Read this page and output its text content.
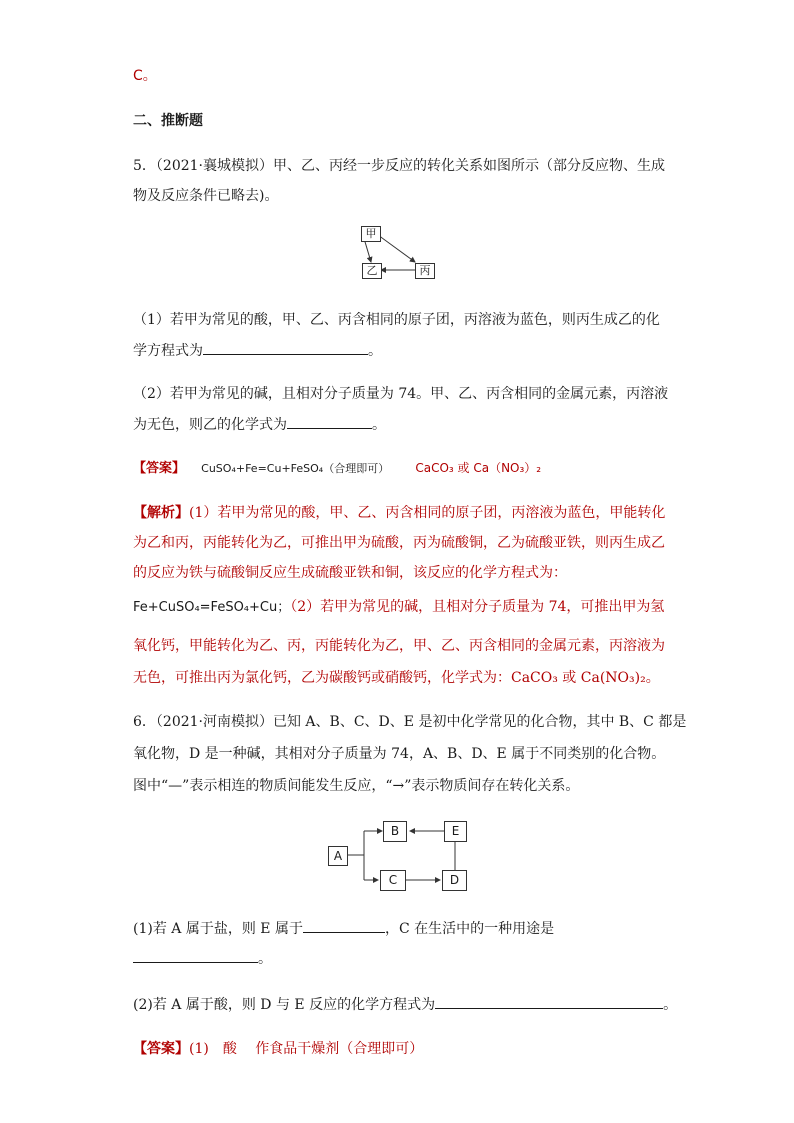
C。
二、推断题
5．（2021·襄城模拟）甲、乙、丙经一步反应的转化关系如图所示（部分反应物、生成
物及反应条件已略去)。
甲
乙	丙
（1）若甲为常见的酸，甲、乙、丙含相同的原子团，丙溶液为蓝色，则丙生成乙的化
学方程式为	。
（2）若甲为常见的碱，且相对分子质量为 74。甲、乙、丙含相同的金属元素，丙溶液
为无色，则乙的化学式为	。
【答案】 CuSO₄+Fe=Cu+FeSO₄（合理即可） CaCO₃ 或 Ca（NO₃）₂
【解析】(1）若甲为常见的酸，甲、乙、丙含相同的原子团，丙溶液为蓝色，甲能转化
为乙和丙，丙能转化为乙，可推出甲为硫酸，丙为硫酸铜，乙为硫酸亚铁，则丙生成乙
的反应为铁与硫酸铜反应生成硫酸亚铁和铜，该反应的化学方程式为：
Fe+CuSO₄=FeSO₄+Cu；（2）若甲为常见的碱，且相对分子质量为 74，可推出甲为氢
氧化钙，甲能转化为乙、丙，丙能转化为乙，甲、乙、丙含相同的金属元素，丙溶液为
无色，可推出丙为氯化钙，乙为碳酸钙或硝酸钙，化学式为：CaCO₃ 或 Ca(NO₃)₂。
6．（2021·河南模拟）已知 A、B、C、D、E 是初中化学常见的化合物，其中 B、C 都是
氧化物，D 是一种碱，其相对分子质量为 74，A、B、D、E 属于不同类别的化合物。
图中“—”表示相连的物质间能发生反应，“→”表示物质间存在转化关系。
A
B	E
C	D
(1)若 A 属于盐，则 E 属于	，C 在生活中的一种用途是
。
(2)若 A 属于酸，则 D 与 E 反应的化学方程式为	。
【答案】(1)　酸　 作食品干燥剂（合理即可）
